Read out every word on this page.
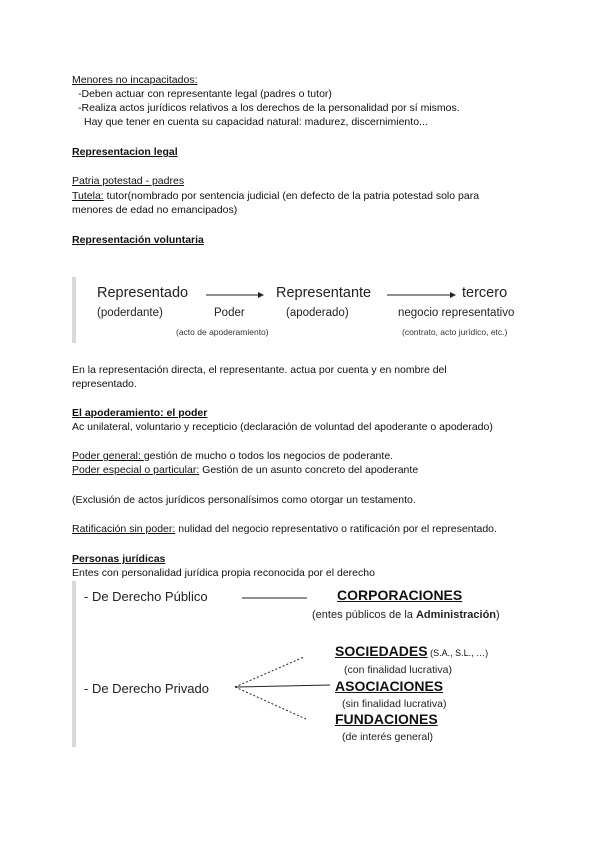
Menores no incapacitados:
-Deben actuar con representante legal (padres o tutor)
-Realiza actos jurídicos relativos a los derechos de la personalidad por sí mismos.
Hay que tener en cuenta su capacidad natural: madurez, discernimiento...
Representacion legal
Patria potestad - padres
Tutela: tutor(nombrado por sentencia judicial (en defecto de la patria potestad solo para
menores de edad no emancipados)
Representación voluntaria
Representado
(poderdante)	Poder
(acto de apoderamiento)
Representante
(apoderado)
tercero
negocio representativo
(contrato, acto jurídico, etc.)
En la representación directa, el representante. actua por cuenta y en nombre del
representado.
El apoderamiento: el poder
Ac unilateral, voluntario y recepticio (declaración de voluntad del apoderante o apoderado)
Poder general: gestión de mucho o todos los negocios de poderante.
Poder especial o particular: Gestión de un asunto concreto del apoderante
(Exclusión de actos jurídicos personalísimos como otorgar un testamento.
Ratificación sin poder: nulidad del negocio representativo o ratificación por el representado.
Personas jurídicas
Entes con personalidad jurídica propia reconocida por el derecho
- De Derecho Público	CORPORACIONES
(entes públicos de la Administración)
- De Derecho Privado
SOCIEDADES (S.A., S.L., …)
(con finalidad lucrativa)
ASOCIACIONES
(sin finalidad lucrativa)
FUNDACIONES
(de interés general)
